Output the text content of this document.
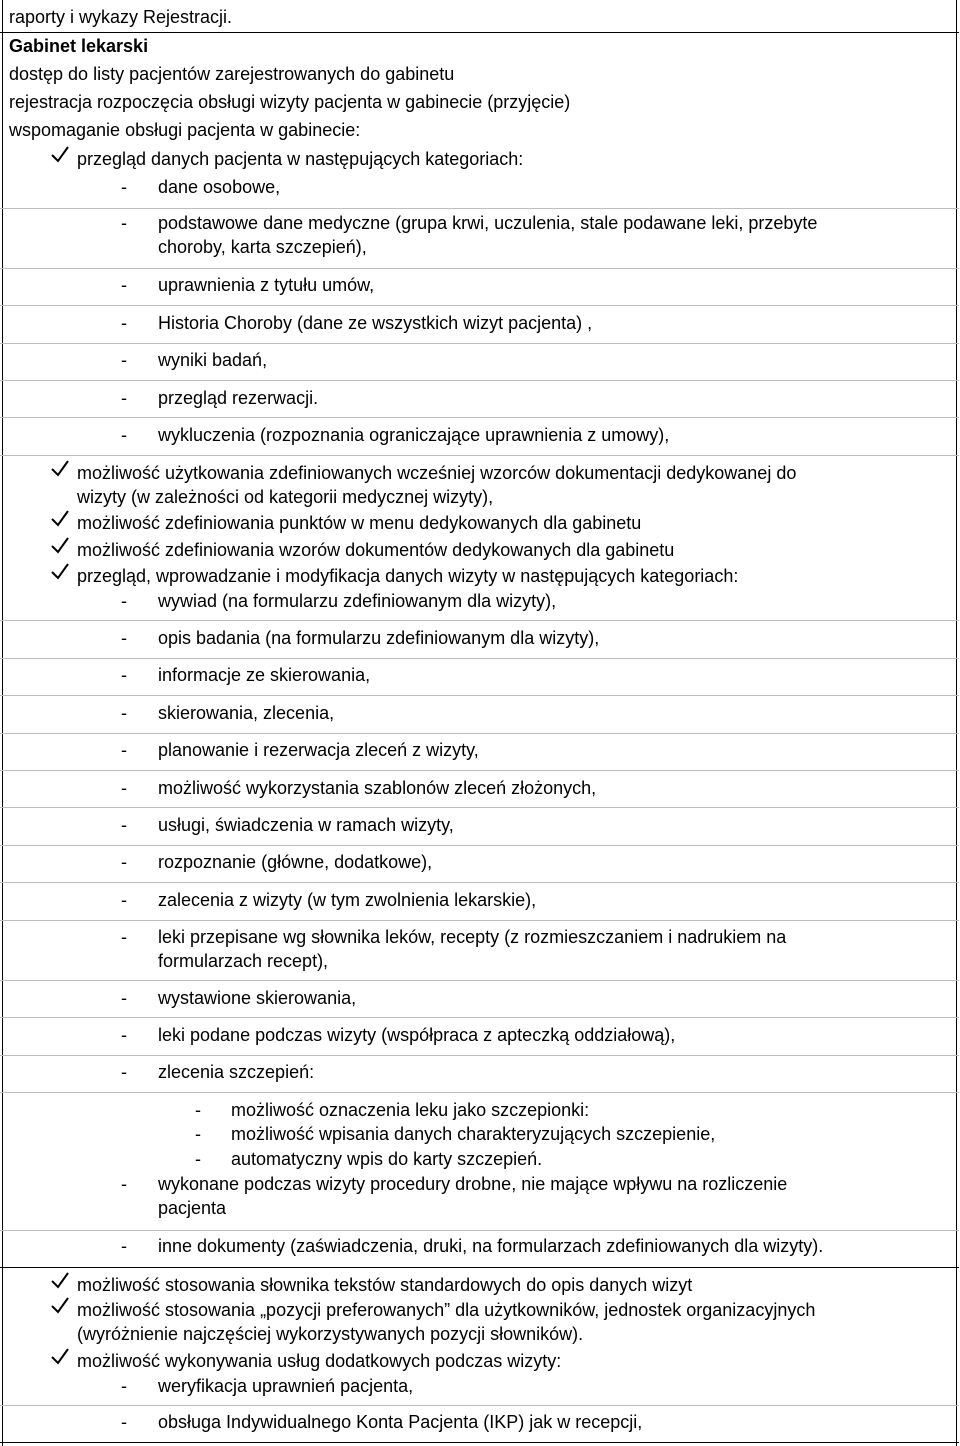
raporty i wykazy Rejestracji.
Gabinet lekarski
dostęp do listy pacjentów zarejestrowanych do gabinetu
rejestracja rozpoczęcia obsługi wizyty pacjenta w gabinecie (przyjęcie)
wspomaganie obsługi pacjenta w gabinecie:
przegląd danych pacjenta w następujących kategoriach:
- dane osobowe,
- podstawowe dane medyczne (grupa krwi, uczulenia, stale podawane leki, przebyte
choroby, karta szczepień),
- uprawnienia z tytułu umów,
- Historia Choroby (dane ze wszystkich wizyt pacjenta) ,
- wyniki badań,
- przegląd rezerwacji.
- wykluczenia (rozpoznania ograniczające uprawnienia z umowy),
możliwość użytkowania zdefiniowanych wcześniej wzorców dokumentacji dedykowanej do
wizyty (w zależności od kategorii medycznej wizyty),
możliwość zdefiniowania punktów w menu dedykowanych dla gabinetu
możliwość zdefiniowania wzorów dokumentów dedykowanych dla gabinetu
przegląd, wprowadzanie i modyfikacja danych wizyty w następujących kategoriach:
- wywiad (na formularzu zdefiniowanym dla wizyty),
- opis badania (na formularzu zdefiniowanym dla wizyty),
- informacje ze skierowania,
- skierowania, zlecenia,
- planowanie i rezerwacja zleceń z wizyty,
- możliwość wykorzystania szablonów zleceń złożonych,
- usługi, świadczenia w ramach wizyty,
- rozpoznanie (główne, dodatkowe),
- zalecenia z wizyty (w tym zwolnienia lekarskie),
- leki przepisane wg słownika leków, recepty (z rozmieszczaniem i nadrukiem na
formularzach recept),
- wystawione skierowania,
- leki podane podczas wizyty (współpraca z apteczką oddziałową),
- zlecenia szczepień:
- możliwość oznaczenia leku jako szczepionki:
- możliwość wpisania danych charakteryzujących szczepienie,
- automatyczny wpis do karty szczepień.
- wykonane podczas wizyty procedury drobne, nie mające wpływu na rozliczenie
pacjenta
- inne dokumenty (zaświadczenia, druki, na formularzach zdefiniowanych dla wizyty).
możliwość stosowania słownika tekstów standardowych do opis danych wizyt
możliwość stosowania „pozycji preferowanych” dla użytkowników, jednostek organizacyjnych
(wyróżnienie najczęściej wykorzystywanych pozycji słowników).
możliwość wykonywania usług dodatkowych podczas wizyty:
- weryfikacja uprawnień pacjenta,
- obsługa Indywidualnego Konta Pacjenta (IKP) jak w recepcji,
